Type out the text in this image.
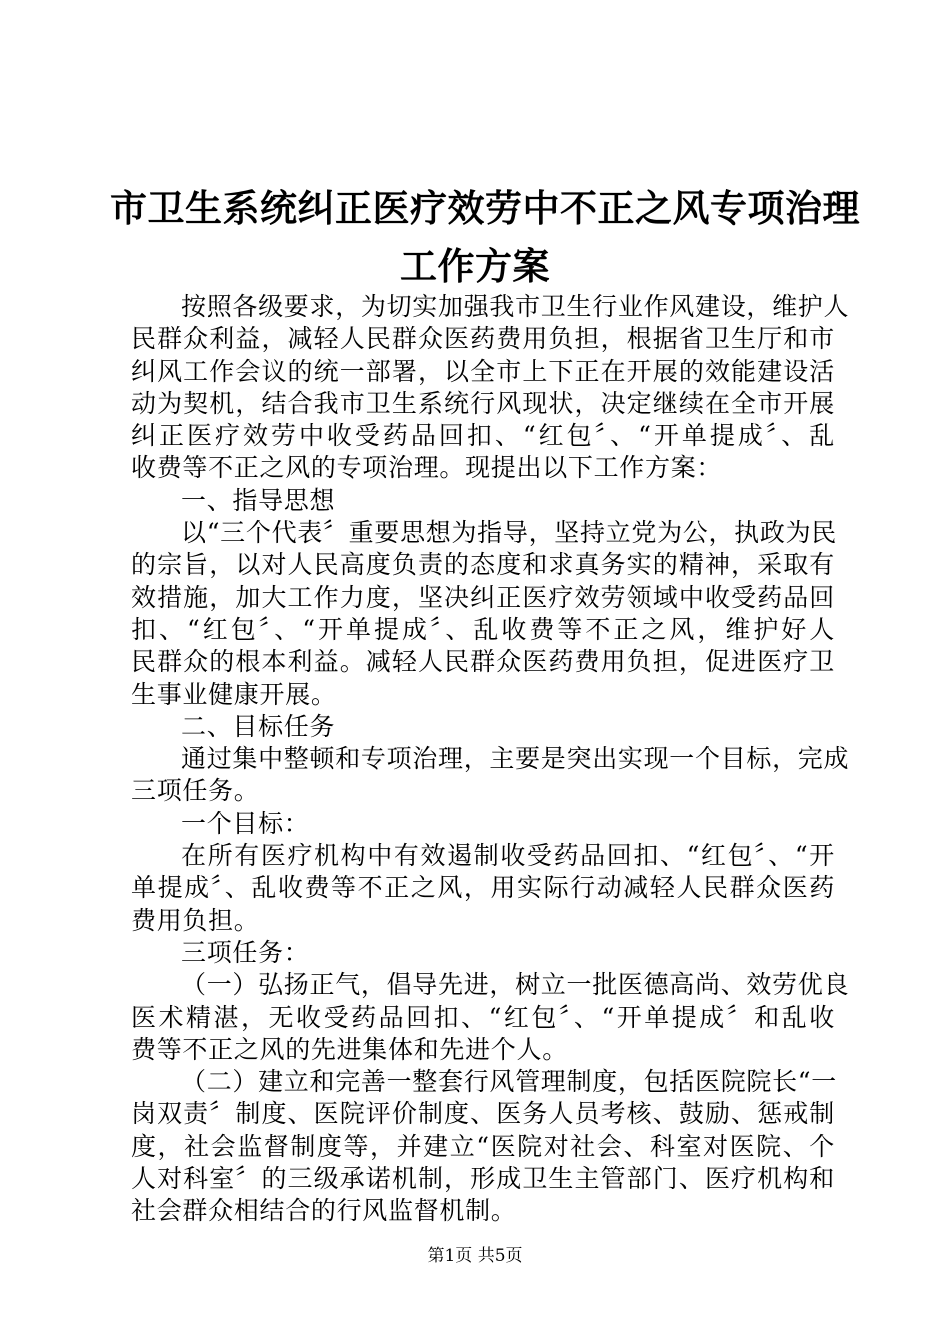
市卫生系统纠正医疗效劳中不正之风专项治理
工作方案
按照各级要求，为切实加强我市卫生行业作风建设，维护人
民群众利益，减轻人民群众医药费用负担，根据省卫生厅和市
纠风工作会议的统一部署，以全市上下正在开展的效能建设活
动为契机，结合我市卫生系统行风现状，决定继续在全市开展
纠正医疗效劳中收受药品回扣、“红包〞、“开单提成〞、乱
收费等不正之风的专项治理。现提出以下工作方案：
一、指导思想
以“三个代表〞重要思想为指导，坚持立党为公，执政为民
的宗旨，以对人民高度负责的态度和求真务实的精神，采取有
效措施，加大工作力度，坚决纠正医疗效劳领域中收受药品回
扣、“红包〞、“开单提成〞、乱收费等不正之风，维护好人
民群众的根本利益。减轻人民群众医药费用负担，促进医疗卫
生事业健康开展。
二、目标任务
通过集中整顿和专项治理，主要是突出实现一个目标，完成
三项任务。
一个目标：
在所有医疗机构中有效遏制收受药品回扣、“红包〞、“开
单提成〞、乱收费等不正之风，用实际行动减轻人民群众医药
费用负担。
三项任务：
（一）弘扬正气，倡导先进，树立一批医德高尚、效劳优良
医术精湛，无收受药品回扣、“红包〞、“开单提成〞和乱收
费等不正之风的先进集体和先进个人。
（二）建立和完善一整套行风管理制度，包括医院院长“一
岗双责〞制度、医院评价制度、医务人员考核、鼓励、惩戒制
度，社会监督制度等，并建立“医院对社会、科室对医院、个
人对科室〞的三级承诺机制，形成卫生主管部门、医疗机构和
社会群众相结合的行风监督机制。
第1页 共5页
